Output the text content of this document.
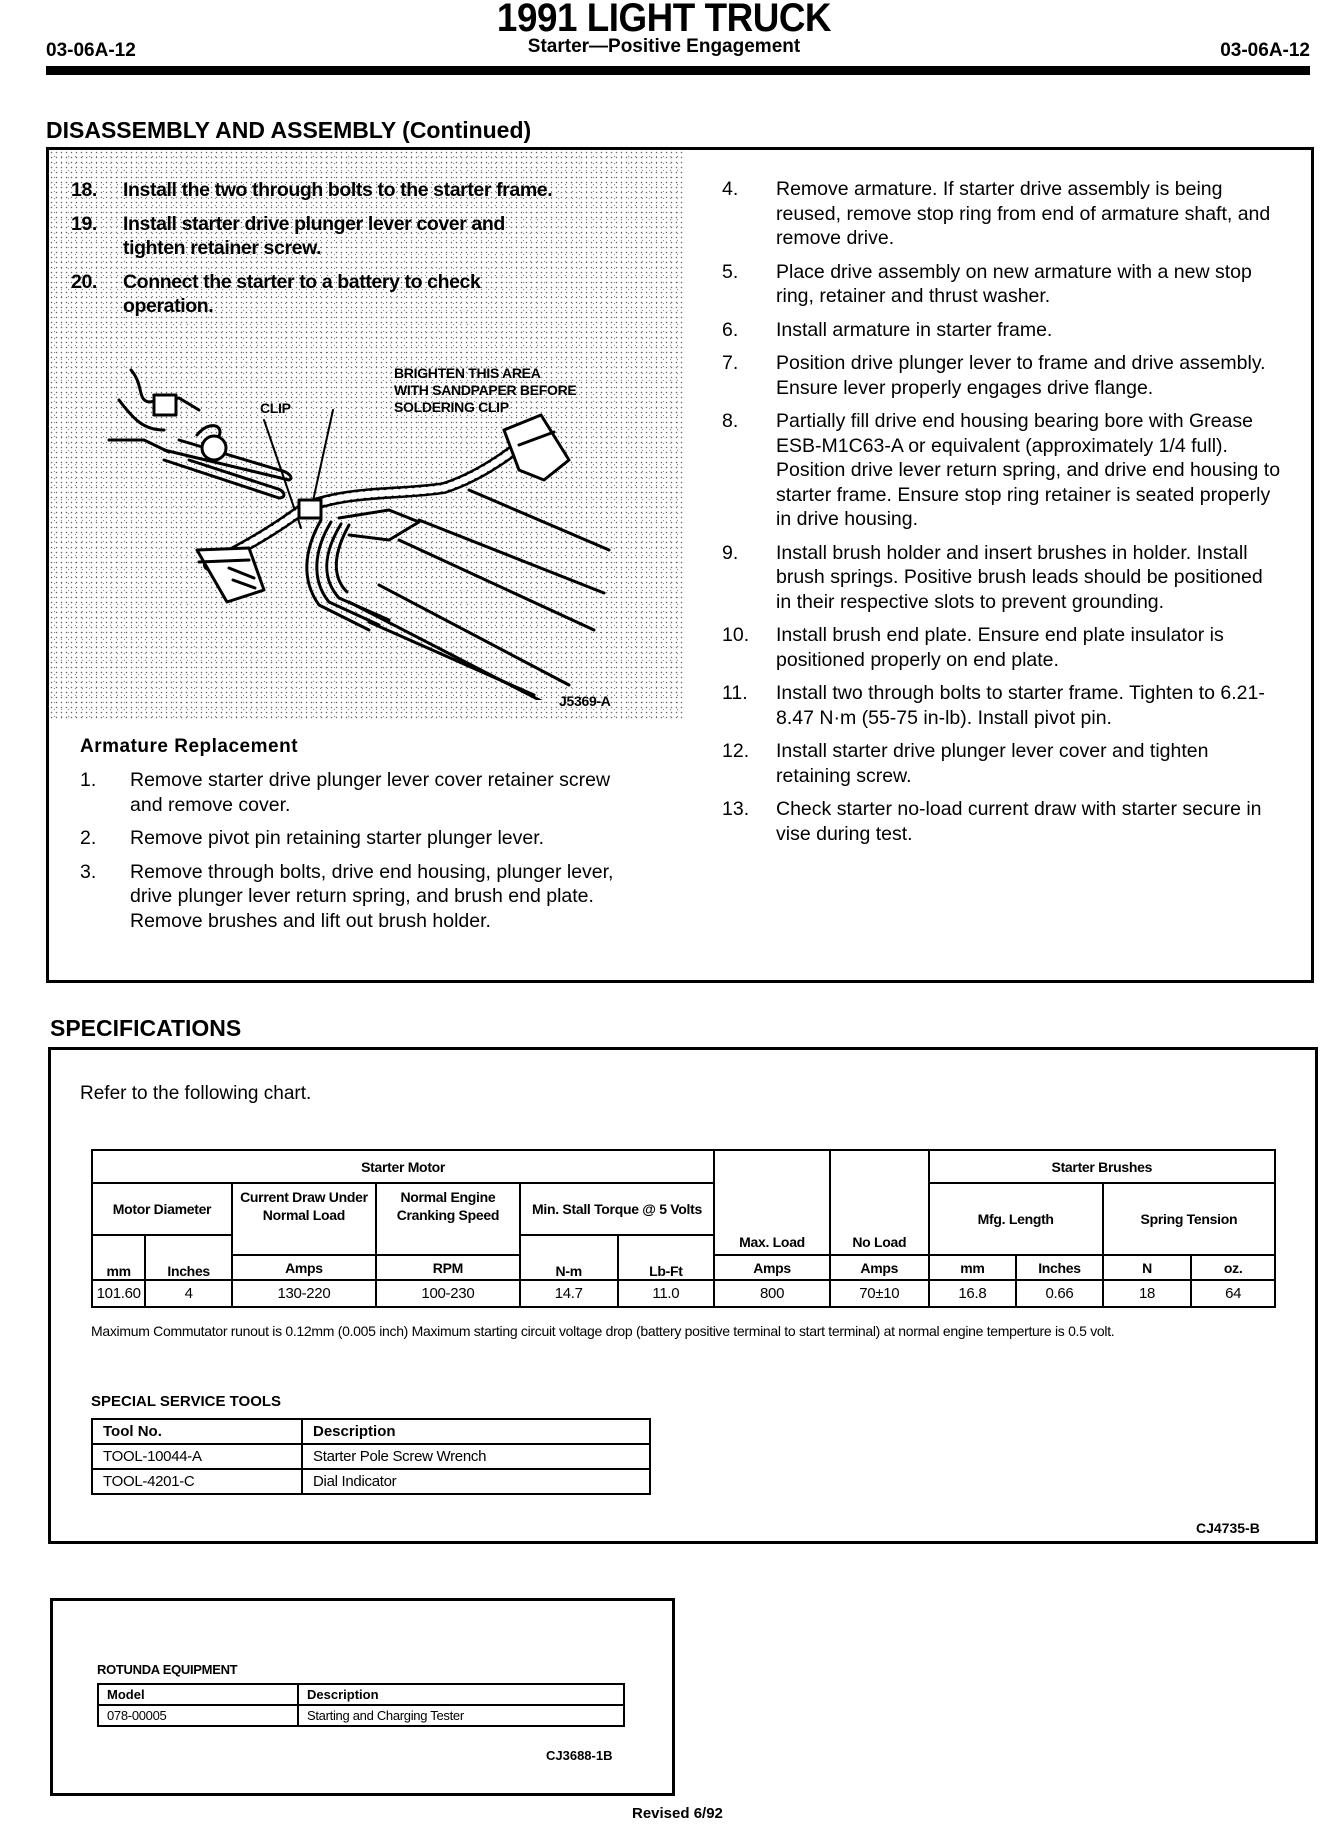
03-06A-12
1991 LIGHT TRUCK
Starter—Positive Engagement	03-06A-12
DISASSEMBLY AND ASSEMBLY (Continued)
18.	Install the two through bolts to the starter frame.
19.	Install starter drive plunger lever cover and tighten retainer screw.
20.	Connect the starter to a battery to check operation.
CLIP
BRIGHTEN THIS AREA
WITH SANDPAPER BEFORE
SOLDERING CLIP
J5369-A
Armature Replacement
1.	Remove starter drive plunger lever cover retainer screw and remove cover.
2.	Remove pivot pin retaining starter plunger lever.
3.	Remove through bolts, drive end housing, plunger lever, drive plunger lever return spring, and brush end plate. Remove brushes and lift out brush holder.
4.	Remove armature. If starter drive assembly is being reused, remove stop ring from end of armature shaft, and remove drive.
5.	Place drive assembly on new armature with a new stop ring, retainer and thrust washer.
6.	Install armature in starter frame.
7.	Position drive plunger lever to frame and drive assembly. Ensure lever properly engages drive flange.
8.	Partially fill drive end housing bearing bore with Grease ESB-M1C63-A or equivalent (approximately 1/4 full). Position drive lever return spring, and drive end housing to starter frame. Ensure stop ring retainer is seated properly in drive housing.
9.	Install brush holder and insert brushes in holder. Install brush springs. Positive brush leads should be positioned in their respective slots to prevent grounding.
10.	Install brush end plate. Ensure end plate insulator is positioned properly on end plate.
11.	Install two through bolts to starter frame. Tighten to 6.21-8.47 N·m (55-75 in-lb). Install pivot pin.
12.	Install starter drive plunger lever cover and tighten retaining screw.
13.	Check starter no-load current draw with starter secure in vise during test.
SPECIFICATIONS
Refer to the following chart.
Starter Motor						Max. Load	No Load	Starter Brushes			
Motor Diameter		Current Draw Under Normal Load	Normal Engine Cranking Speed	Min. Stall Torque @ 5 Volts				Mfg. Length		Spring Tension	
mm	Inches			N-m	Lb-Ft						
		Amps	RPM			Amps	Amps	mm	Inches	N	oz.
101.60	4	130-220	100-230	14.7	11.0	800	70±10	16.8	0.66	18	64
Maximum Commutator runout is 0.12mm (0.005 inch) Maximum starting circuit voltage drop (battery positive terminal to start terminal) at normal engine temperture is 0.5 volt.
SPECIAL SERVICE TOOLS
Tool No.	Description
TOOL-10044-A	Starter Pole Screw Wrench
TOOL-4201-C	Dial Indicator
CJ4735-B
ROTUNDA EQUIPMENT
Model	Description
078-00005	Starting and Charging Tester
CJ3688-1B
Revised 6/92
